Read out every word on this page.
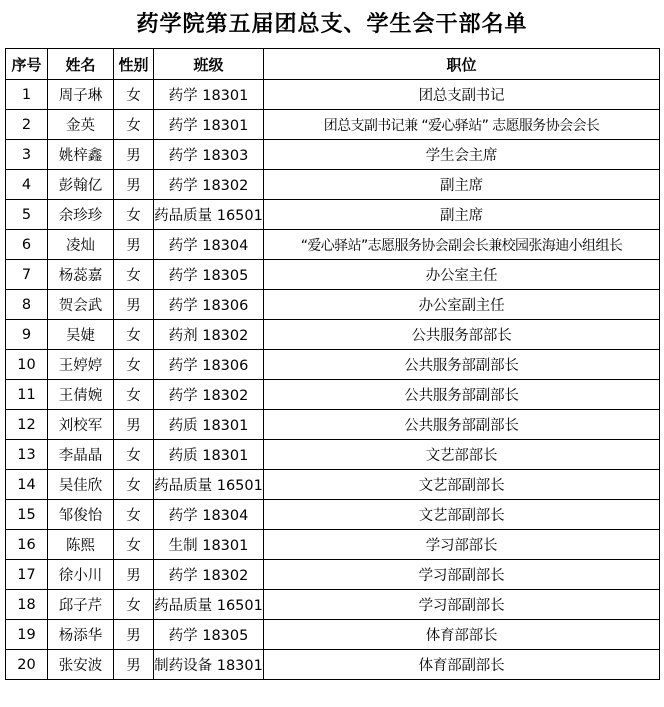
药学院第五届团总支、学生会干部名单
序号	姓名	性别	班级	职位
1	周子琳	女	药学 18301	团总支副书记
2	金英	女	药学 18301	团总支副书记兼 “爱心驿站” 志愿服务协会会长
3	姚梓鑫	男	药学 18303	学生会主席
4	彭翰亿	男	药学 18302	副主席
5	余珍珍	女	药品质量 16501	副主席
6	凌灿	男	药学 18304	“爱心驿站”志愿服务协会副会长兼校园张海迪小组组长
7	杨蕊嘉	女	药学 18305	办公室主任
8	贺会武	男	药学 18306	办公室副主任
9	吴婕	女	药剂 18302	公共服务部部长
10	王婷婷	女	药学 18306	公共服务部副部长
11	王倩婉	女	药学 18302	公共服务部副部长
12	刘校军	男	药质 18301	公共服务部副部长
13	李晶晶	女	药质 18301	文艺部部长
14	吴佳欣	女	药品质量 16501	文艺部副部长
15	邹俊怡	女	药学 18304	文艺部副部长
16	陈熙	女	生制 18301	学习部部长
17	徐小川	男	药学 18302	学习部副部长
18	邱子芹	女	药品质量 16501	学习部副部长
19	杨添华	男	药学 18305	体育部部长
20	张安波	男	制药设备 18301	体育部副部长
